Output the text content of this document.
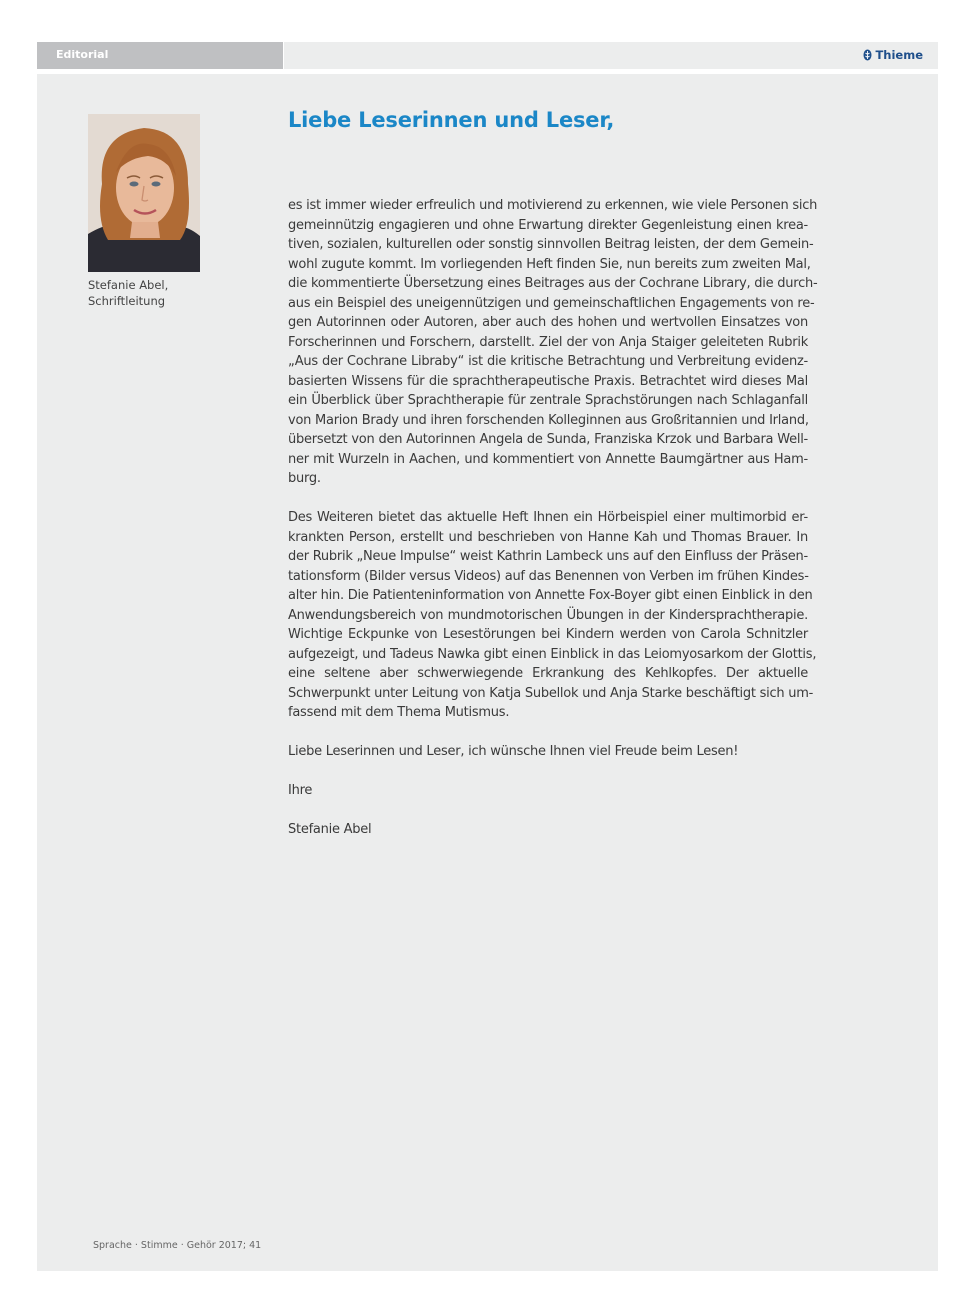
Editorial	Thieme
Stefanie Abel,
Schriftleitung
Liebe Leserinnen und Leser,

es ist immer wieder erfreulich und motivierend zu erkennen, wie viele Personen sich
gemeinnützig engagieren und ohne Erwartung direkter Gegenleistung einen krea-
tiven, sozialen, kulturellen oder sonstig sinnvollen Beitrag leisten, der dem Gemein-
wohl zugute kommt. Im vorliegenden Heft finden Sie, nun bereits zum zweiten Mal,
die kommentierte Übersetzung eines Beitrages aus der Cochrane Library, die durch-
aus ein Beispiel des uneigennützigen und gemeinschaftlichen Engagements von re-
gen Autorinnen oder Autoren, aber auch des hohen und wertvollen Einsatzes von
Forscherinnen und Forschern, darstellt. Ziel der von Anja Staiger geleiteten Rubrik
„Aus der Cochrane Libraby“ ist die kritische Betrachtung und Verbreitung evidenz-
basierten Wissens für die sprachtherapeutische Praxis. Betrachtet wird dieses Mal
ein Überblick über Sprachtherapie für zentrale Sprachstörungen nach Schlaganfall
von Marion Brady und ihren forschenden Kolleginnen aus Großritannien und Irland,
übersetzt von den Autorinnen Angela de Sunda, Franziska Krzok und Barbara Well-
ner mit Wurzeln in Aachen, und kommentiert von Annette Baumgärtner aus Ham-
burg.

Des Weiteren bietet das aktuelle Heft Ihnen ein Hörbeispiel einer multimorbid er-
krankten Person, erstellt und beschrieben von Hanne Kah und Thomas Brauer. In
der Rubrik „Neue Impulse“ weist Kathrin Lambeck uns auf den Einfluss der Präsen-
tationsform (Bilder versus Videos) auf das Benennen von Verben im frühen Kindes-
alter hin. Die Patienteninformation von Annette Fox-Boyer gibt einen Einblick in den
Anwendungsbereich von mundmotorischen Übungen in der Kindersprachtherapie.
Wichtige Eckpunke von Lesestörungen bei Kindern werden von Carola Schnitzler
aufgezeigt, und Tadeus Nawka gibt einen Einblick in das Leiomyosarkom der Glottis,
eine seltene aber schwerwiegende Erkrankung des Kehlkopfes. Der aktuelle
Schwerpunkt unter Leitung von Katja Subellok und Anja Starke beschäftigt sich um-
fassend mit dem Thema Mutismus.

Liebe Leserinnen und Leser, ich wünsche Ihnen viel Freude beim Lesen!

Ihre

Stefanie Abel

Sprache · Stimme · Gehör 2017; 41
